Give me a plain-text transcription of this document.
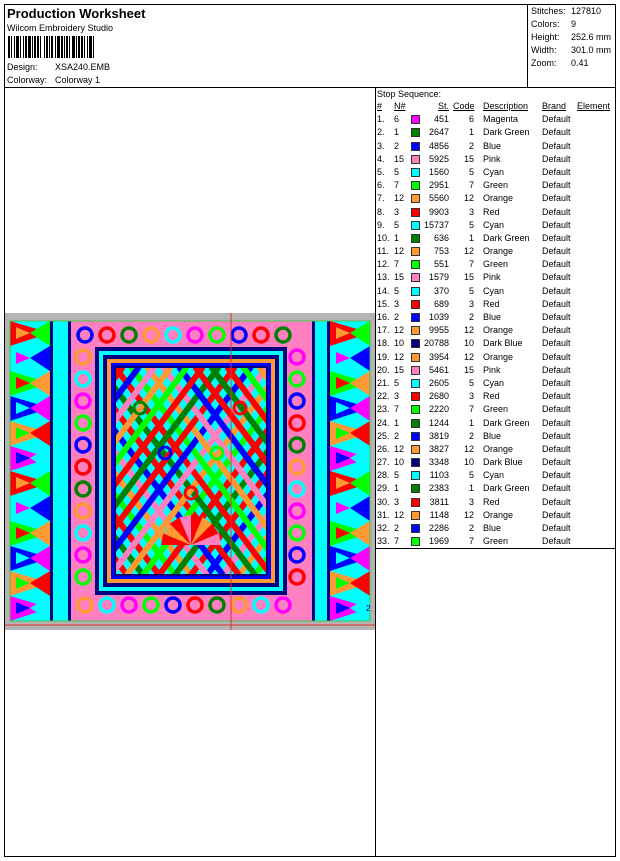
Production Worksheet
Wilcom Embroidery Studio
Design: XSA240.EMB
Colorway: Colorway 1
Stitches: 127810
Colors: 9
Height: 252.6 mm
Width: 301.0 mm
Zoom: 0.41
Stop Sequence:
# N#	St. Code Description Brand Element
1. 6	451	6 Magenta	Default
2. 1	2647	1 Dark Green Default
3. 2	4856	2 Blue	Default
4. 15	5925	15 Pink	Default
5. 5	1560	5 Cyan	Default
6. 7	2951	7 Green	Default
7. 12	5560	12 Orange	Default
8. 3	9903	3 Red	Default
9. 5	15737	5 Cyan	Default
10. 1	636	1 Dark Green Default
11. 12	753	12 Orange	Default
12. 7	551	7 Green	Default
13. 15	1579	15 Pink	Default
14. 5	370	5 Cyan	Default
15. 3	689	3 Red	Default
16. 2	1039	2 Blue	Default
17. 12	9955	12 Orange	Default
18. 10 20788	10 Dark Blue Default
19. 12	3954	12 Orange	Default
20. 15	5461	15 Pink	Default
21. 5	2605	5 Cyan	Default
22. 3	2680	3 Red	Default
23. 7	2220	7 Green	Default
24. 1	1244	1 Dark Green Default
25. 2	3819	2 Blue	Default
26. 12	3827	12 Orange	Default
27. 10	3348	10 Dark Blue Default
28. 5	1103	5 Cyan	Default
29. 1	2383	1 Dark Green Default
30. 3	3811	3 Red	Default
31. 12	1148	12 Orange	Default
32. 2	2286	2 Blue	Default
33. 7	1969	7 Green	Default
2
